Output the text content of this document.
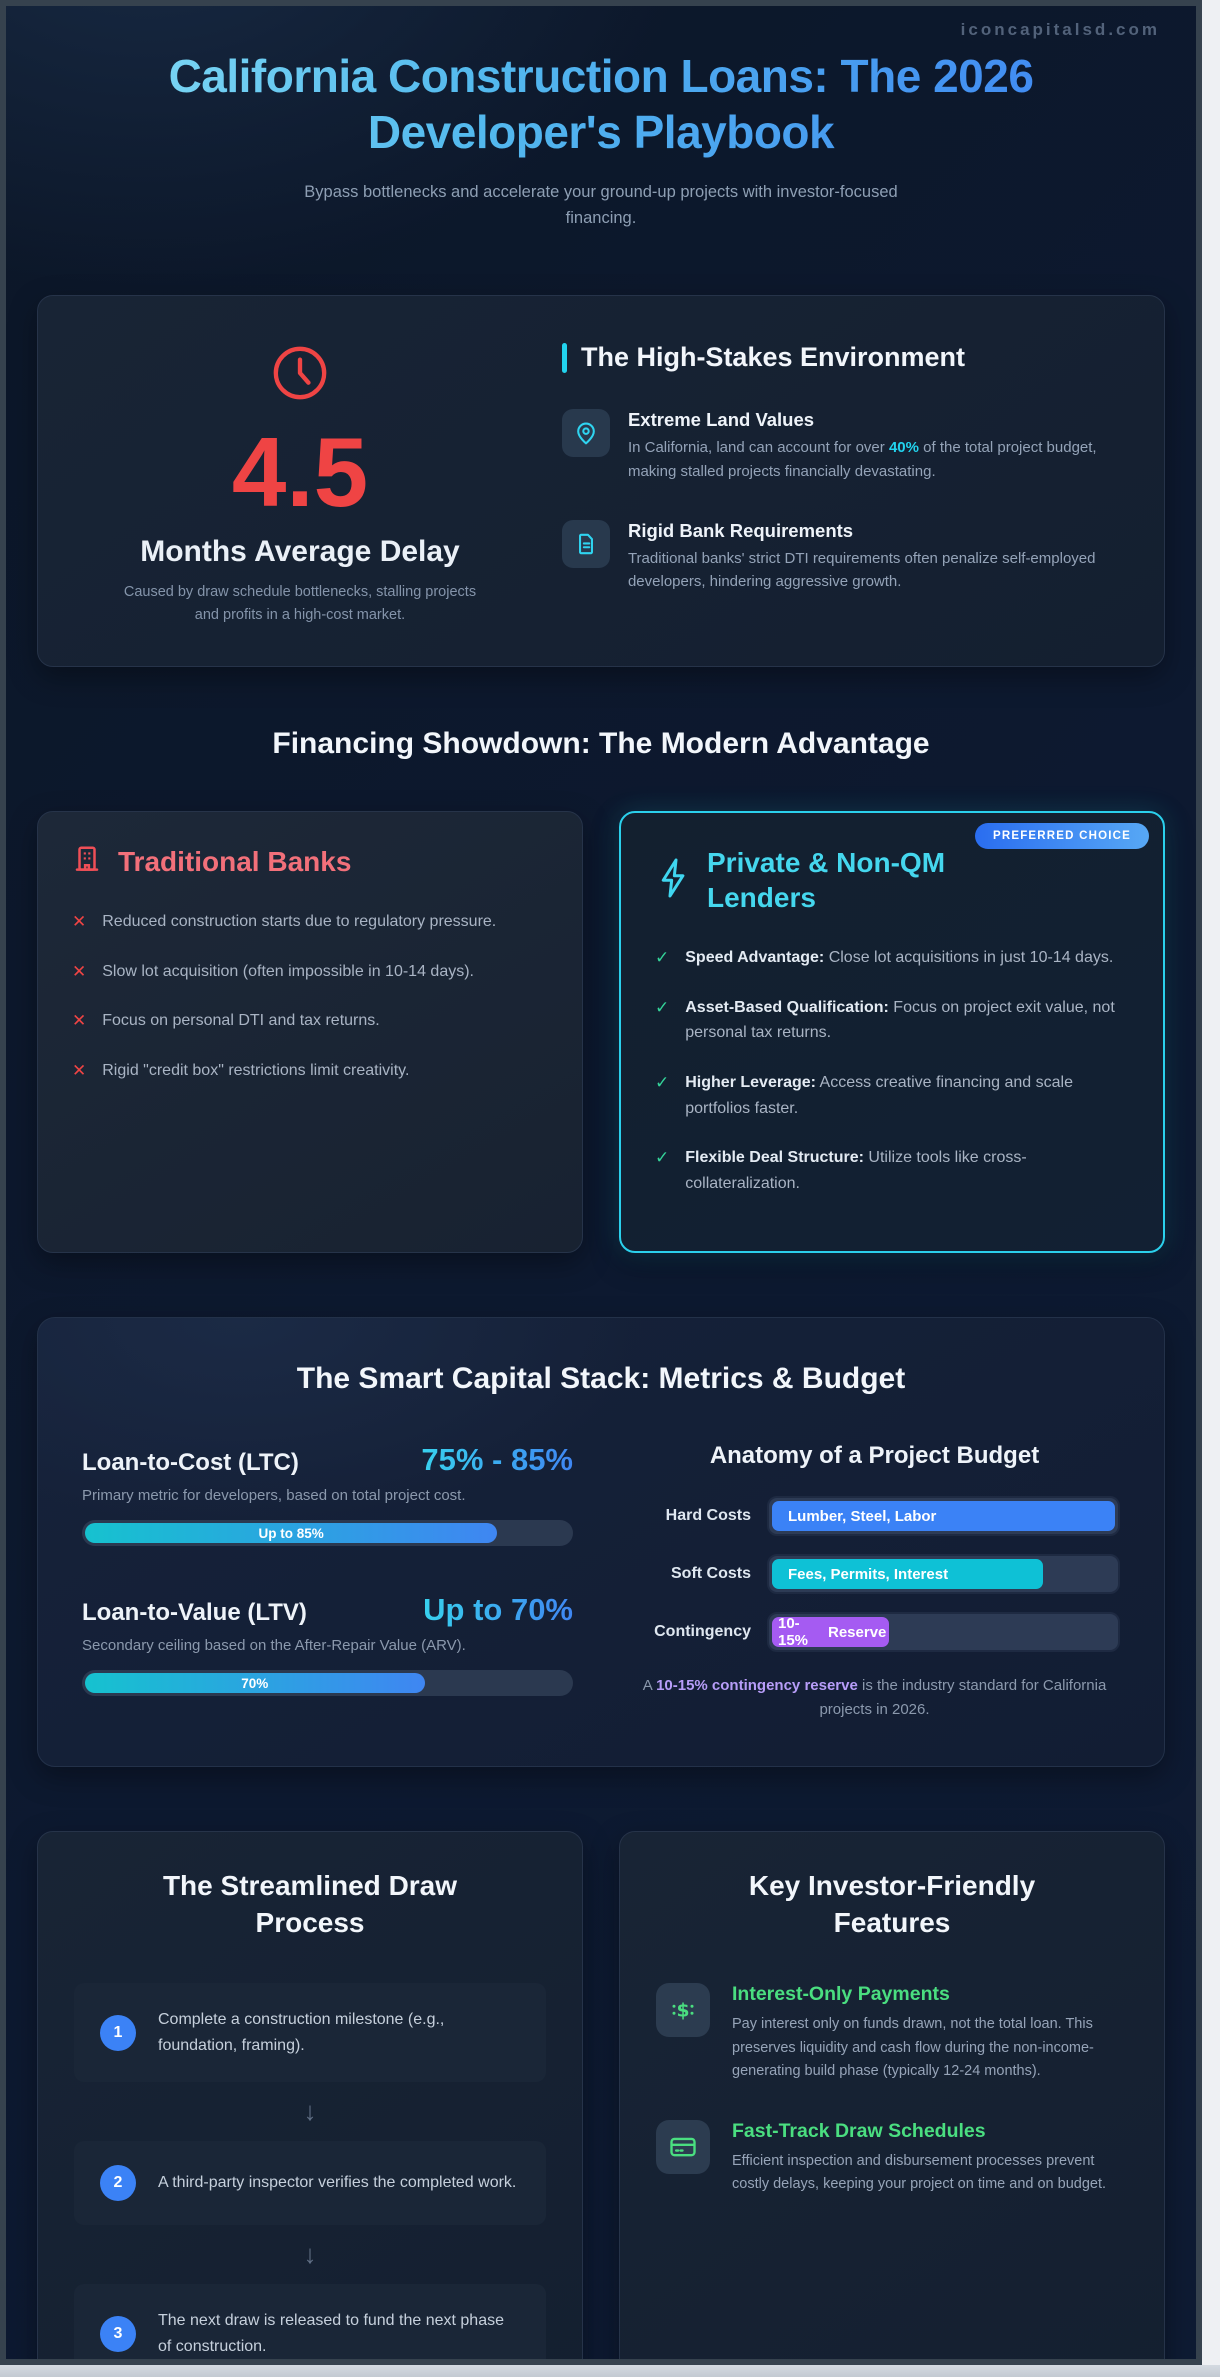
iconcapitalsd.com
California Construction Loans: The 2026 Developer's Playbook

Bypass bottlenecks and accelerate your ground-up projects with investor-focused financing.

4.5
Months Average Delay

Caused by draw schedule bottlenecks, stalling projects and profits in a high-cost market.

The High-Stakes Environment
Extreme Land Values

In California, land can account for over 40% of the total project budget, making stalled projects financially devastating.

Rigid Bank Requirements

Traditional banks' strict DTI requirements often penalize self-employed developers, hindering aggressive growth.

Financing Showdown: The Modern Advantage
Traditional Banks
✕ Reduced construction starts due to regulatory pressure.
✕ Slow lot acquisition (often impossible in 10-14 days).
✕ Focus on personal DTI and tax returns.
✕ Rigid "credit box" restrictions limit creativity.
PREFERRED CHOICE
Private & Non-QM Lenders
✓ Speed Advantage: Close lot acquisitions in just 10-14 days.
✓ Asset-Based Qualification: Focus on project exit value, not personal tax returns.
✓ Higher Leverage: Access creative financing and scale portfolios faster.
✓ Flexible Deal Structure: Utilize tools like cross-collateralization.
The Smart Capital Stack: Metrics & Budget
Loan-to-Cost (LTC)	75% - 85%

Primary metric for developers, based on total project cost.

Up to 85%
Loan-to-Value (LTV)	Up to 70%

Secondary ceiling based on the After-Repair Value (ARV).

70%
Anatomy of a Project Budget
Hard Costs Lumber, Steel, Labor
Soft Costs Fees, Permits, Interest
Contingency 10-15%	Reserve

A 10-15% contingency reserve is the industry standard for California projects in 2026.

The Streamlined Draw Process
1

Complete a construction milestone (e.g., foundation, framing).

↓
2	A third-party inspector verifies the completed work.

↓
3

The next draw is released to fund the next phase of construction.

Key Investor-Friendly Features
$
Interest-Only Payments

Pay interest only on funds drawn, not the total loan. This preserves liquidity and cash flow during the non-income-generating build phase (typically 12-24 months).

Fast-Track Draw Schedules

Efficient inspection and disbursement processes prevent costly delays, keeping your project on time and on budget.
